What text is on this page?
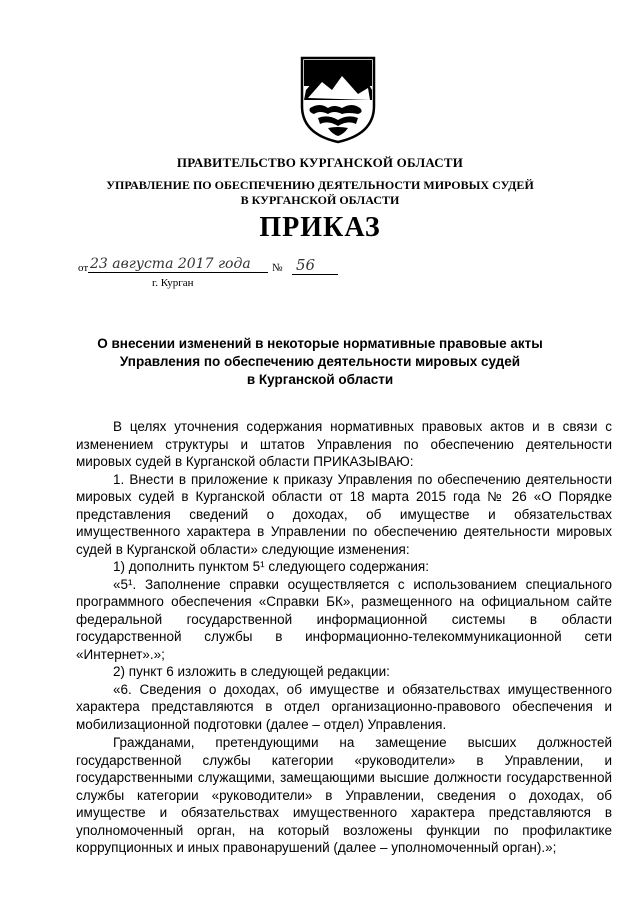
ПРАВИТЕЛЬСТВО КУРГАНСКОЙ ОБЛАСТИ
УПРАВЛЕНИЕ ПО ОБЕСПЕЧЕНИЮ ДЕЯТЕЛЬНОСТИ МИРОВЫХ СУДЕЙ
В КУРГАНСКОЙ ОБЛАСТИ
ПРИКАЗ
от 23 августа 2017 года	№ 56
г. Курган
О внесении изменений в некоторые нормативные правовые акты
Управления по обеспечению деятельности мировых судей
в Курганской области

В целях уточнения содержания нормативных правовых актов и в связи с изменением структуры и штатов Управления по обеспечению деятельности мировых судей в Курганской области ПРИКАЗЫВАЮ:

1. Внести в приложение к приказу Управления по обеспечению деятельности мировых судей в Курганской области от 18 марта 2015 года № 26 «О Порядке представления сведений о доходах, об имуществе и обязательствах имущественного характера в Управлении по обеспечению деятельности мировых судей в Курганской области» следующие изменения:

1) дополнить пунктом 5¹ следующего содержания:

«5¹. Заполнение справки осуществляется с использованием специального программного обеспечения «Справки БК», размещенного на официальном сайте федеральной государственной информационной системы в области государственной службы в информационно-телекоммуникационной сети «Интернет».»;

2) пункт 6 изложить в следующей редакции:

«6. Сведения о доходах, об имуществе и обязательствах имущественного характера представляются в отдел организационно-правового обеспечения и мобилизационной подготовки (далее – отдел) Управления.

Гражданами, претендующими на замещение высших должностей государственной службы категории «руководители» в Управлении, и государственными служащими, замещающими высшие должности государственной службы категории «руководители» в Управлении, сведения о доходах, об имуществе и обязательствах имущественного характера представляются в уполномоченный орган, на который возложены функции по профилактике коррупционных и иных правонарушений (далее – уполномоченный орган).»;
